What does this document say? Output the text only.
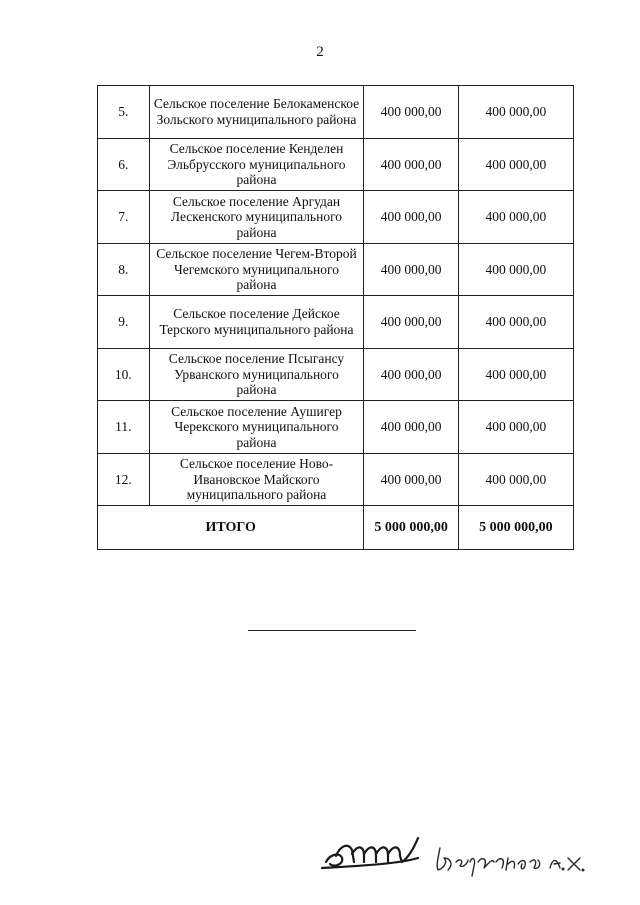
2
5.	Сельское поселение Белокаменское Зольского муниципального района	400 000,00	400 000,00
6.	Сельское поселение Кенделен Эльбрусского муниципального района	400 000,00	400 000,00
7.	Сельское поселение Аргудан Лескенского муниципального района	400 000,00	400 000,00
8.	Сельское поселение Чегем-Второй Чегемского муниципального района	400 000,00	400 000,00
9.	Сельское поселение Дейское Терского муниципального района	400 000,00	400 000,00
10.	Сельское поселение Псыгансу Урванского муниципального района	400 000,00	400 000,00
11.	Сельское поселение Аушигер Черекского муниципального района	400 000,00	400 000,00
12.	Сельское поселение Ново-Ивановское Майского муниципального района	400 000,00	400 000,00
ИТОГО		5 000 000,00	5 000 000,00
